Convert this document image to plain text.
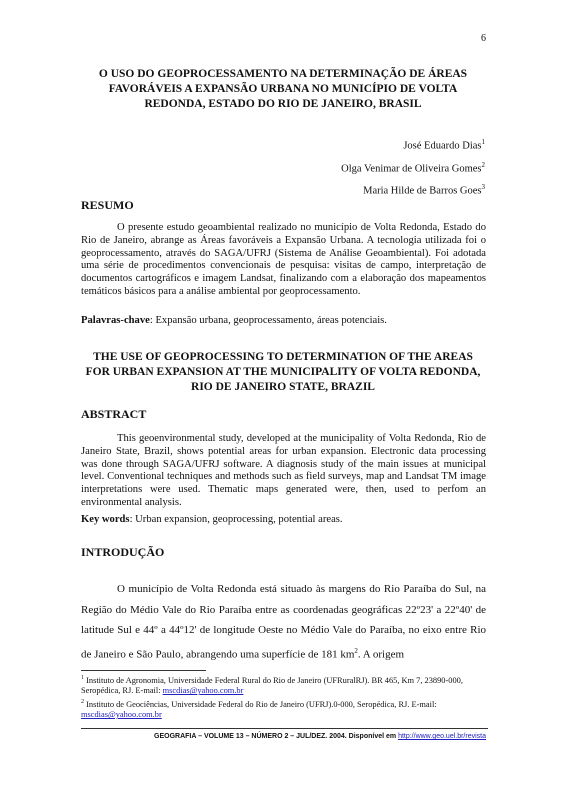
6
O USO DO GEOPROCESSAMENTO NA DETERMINAÇÃO DE ÁREAS
FAVORÁVEIS A EXPANSÃO URBANA NO MUNICÍPIO DE VOLTA
REDONDA, ESTADO DO RIO DE JANEIRO, BRASIL
José Eduardo Dias$^1$
Olga Venimar de Oliveira Gomes$^2$
Maria Hilde de Barros Goes$^3$
RESUMO
O presente estudo geoambiental realizado no município de Volta Redonda, Estado do Rio de Janeiro, abrange as Áreas favoráveis a Expansão Urbana. A tecnologia utilizada foi o geoprocessamento, através do SAGA/UFRJ (Sistema de Análise Geoambiental). Foi adotada uma série de procedimentos convencionais de pesquisa: visitas de campo, interpretação de documentos cartográficos e imagem Landsat, finalizando com a elaboração dos mapeamentos temáticos básicos para a análise ambiental por geoprocessamento.
Palavras-chave: Expansão urbana, geoprocessamento, áreas potenciais.
THE USE OF GEOPROCESSING TO DETERMINATION OF THE AREAS
FOR URBAN EXPANSION AT THE MUNICIPALITY OF VOLTA REDONDA,
RIO DE JANEIRO STATE, BRAZIL
ABSTRACT
This geoenvironmental study, developed at the municipality of Volta Redonda, Rio de Janeiro State, Brazil, shows potential areas for urban expansion. Electronic data processing was done through SAGA/UFRJ software. A diagnosis study of the main issues at municipal level. Conventional techniques and methods such as field surveys, map and Landsat TM image interpretations were used. Thematic maps generated were, then, used to perfom an environmental analysis.
Key words: Urban expansion, geoprocessing, potential areas.
INTRODUÇÃO
O município de Volta Redonda está situado às margens do Rio Paraíba do Sul, na Região do Médio Vale do Rio Paraíba entre as coordenadas geográficas 22º23' a 22º40' de latitude Sul e 44º a 44º12' de longitude Oeste no Médio Vale do Paraíba, no eixo entre Rio de Janeiro e São Paulo, abrangendo uma superfície de 181 $km^2$. A origem
$^1$ Instituto de Agronomia, Universidade Federal Rural do Rio de Janeiro (UFRuralRJ). BR 465, Km 7, 23890-000, Seropédica, RJ. E-mail: mscdias@yahoo.com.br
$^2$ Instituto de Geociências, Universidade Federal do Rio de Janeiro (UFRJ).0-000, Seropédica, RJ. E-mail: mscdias@yahoo.com.br
GEOGRAFIA – VOLUME 13 – NÚMERO 2 – JUL/DEZ. 2004. Disponível em http://www.geo.uel.br/revista
